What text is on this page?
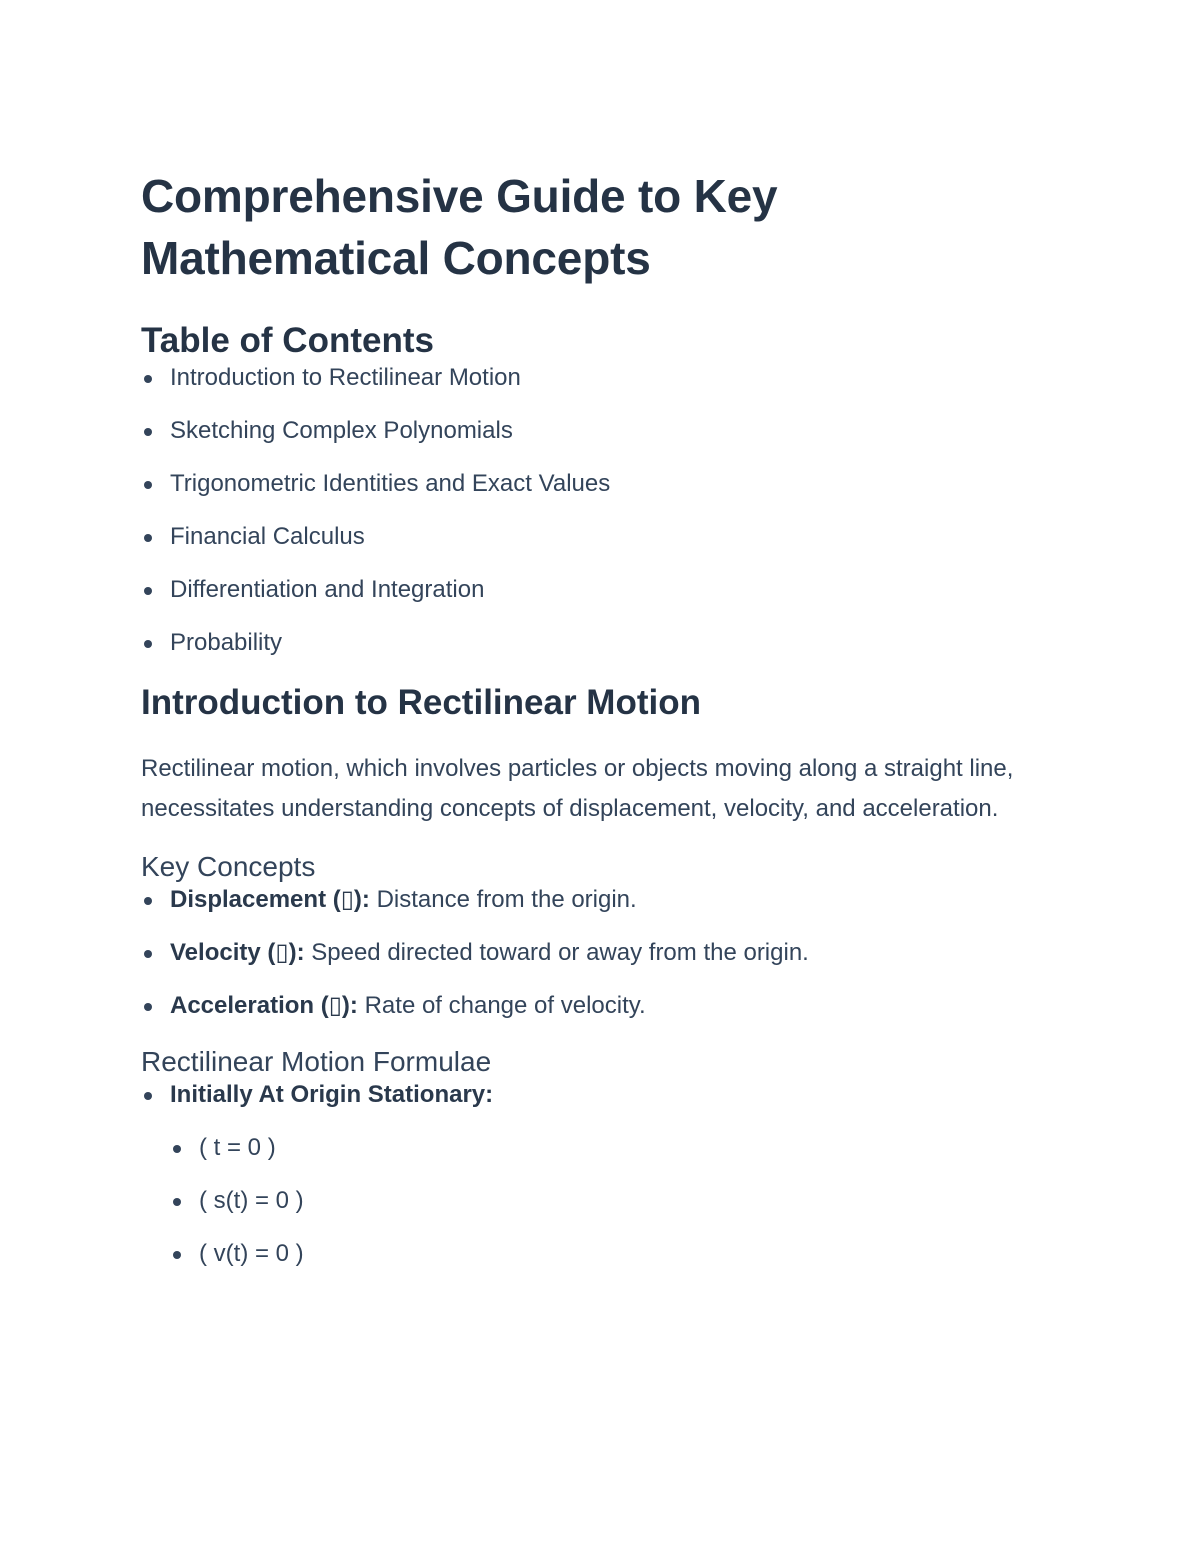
Comprehensive Guide to Key Mathematical Concepts
Table of Contents
Introduction to Rectilinear Motion
Sketching Complex Polynomials
Trigonometric Identities and Exact Values
Financial Calculus
Differentiation and Integration
Probability
Introduction to Rectilinear Motion

Rectilinear motion, which involves particles or objects moving along a straight line, necessitates understanding concepts of displacement, velocity, and acceleration.

Key Concepts
Displacement (▯): Distance from the origin.
Velocity (▯): Speed directed toward or away from the origin.
Acceleration (▯): Rate of change of velocity.
Rectilinear Motion Formulae
Initially At Origin Stationary:
( t = 0 )
( s(t) = 0 )
( v(t) = 0 )
